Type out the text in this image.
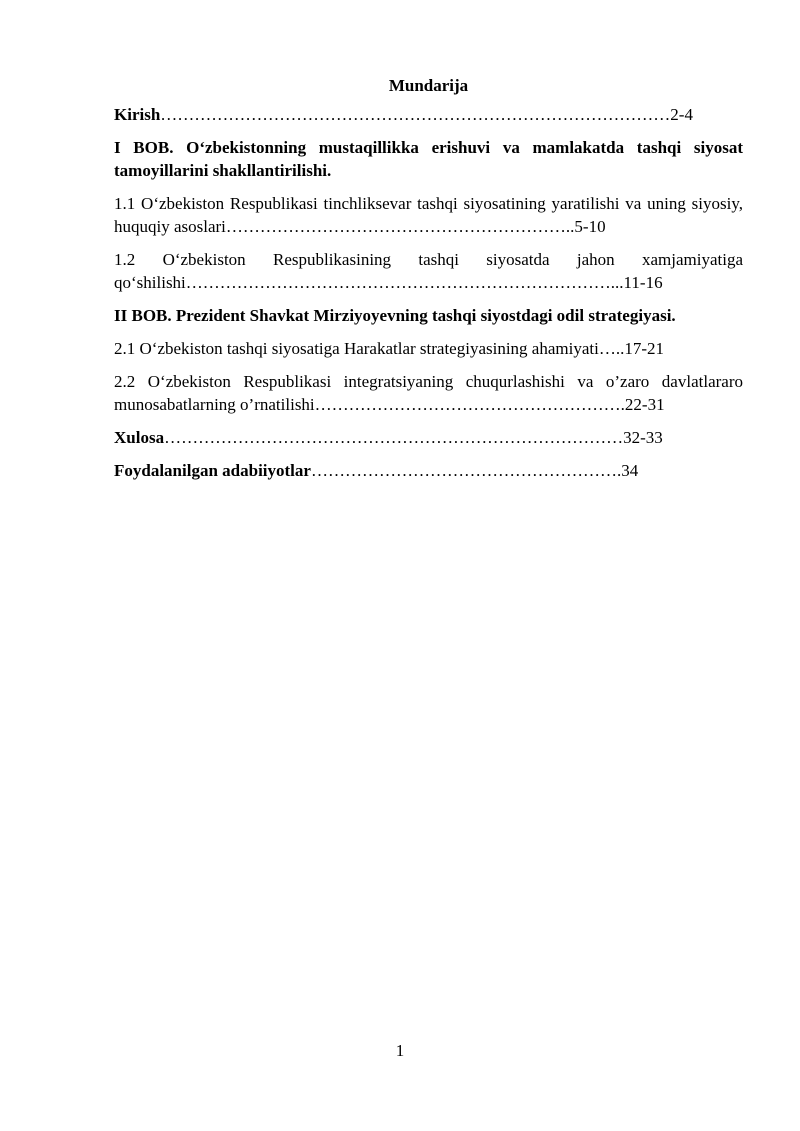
Mundarija
Kirish………………………………………………………………………………2-4
I BOB. O‘zbekistonning mustaqillikka erishuvi va mamlakatda tashqi siyosat tamoyillarini shakllantirilishi.
1.1 O‘zbekiston Respublikasi tinchliksevar tashqi siyosatining yaratilishi va uning siyosiy, huquqiy asoslari……………………………………………………..5-10
1.2 O‘zbekiston Respublikasining tashqi siyosatda jahon xamjamiyatiga qo‘shilishi…………………………………………………………………...11-16
II BOB. Prezident Shavkat Mirziyoyevning tashqi siyostdagi odil strategiyasi.
2.1 O‘zbekiston tashqi siyosatiga Harakatlar strategiyasining ahamiyati…..17-21
2.2 O‘zbekiston Respublikasi integratsiyaning chuqurlashishi va o’zaro davlatlararo munosabatlarning o’rnatilishi……………………………………………….22-31
Xulosa………………………………………………………………………32-33
Foydalanilgan adabiiyotlar……………………………………………….34
1
